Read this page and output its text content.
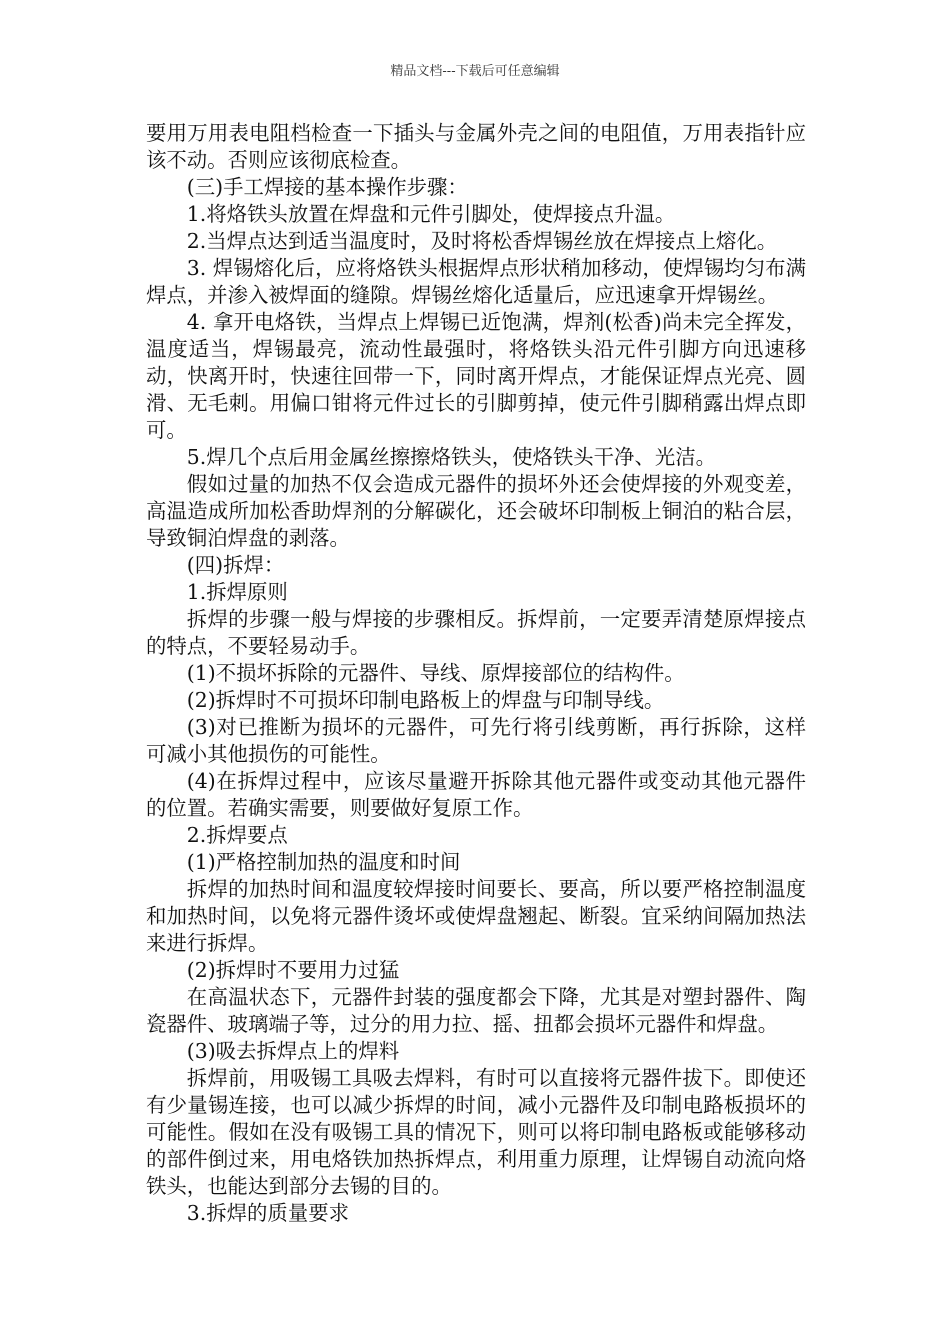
精品文档---下载后可任意编辑

要用万用表电阻档检查一下插头与金属外壳之间的电阻值，万用表指针应该不动。否则应该彻底检查。

(三)手工焊接的基本操作步骤：

1.将烙铁头放置在焊盘和元件引脚处，使焊接点升温。

2.当焊点达到适当温度时，及时将松香焊锡丝放在焊接点上熔化。

3. 焊锡熔化后，应将烙铁头根据焊点形状稍加移动，使焊锡均匀布满焊点，并渗入被焊面的缝隙。焊锡丝熔化适量后，应迅速拿开焊锡丝。

4. 拿开电烙铁，当焊点上焊锡已近饱满，焊剂(松香)尚未完全挥发，温度适当，焊锡最亮，流动性最强时，将烙铁头沿元件引脚方向迅速移动，快离开时，快速往回带一下，同时离开焊点，才能保证焊点光亮、圆滑、无毛刺。用偏口钳将元件过长的引脚剪掉，使元件引脚稍露出焊点即可。

5.焊几个点后用金属丝擦擦烙铁头，使烙铁头干净、光洁。

假如过量的加热不仅会造成元器件的损坏外还会使焊接的外观变差，高温造成所加松香助焊剂的分解碳化，还会破坏印制板上铜泊的粘合层，导致铜泊焊盘的剥落。

(四)拆焊：

1.拆焊原则

拆焊的步骤一般与焊接的步骤相反。拆焊前，一定要弄清楚原焊接点的特点，不要轻易动手。

(1)不损坏拆除的元器件、导线、原焊接部位的结构件。

(2)拆焊时不可损坏印制电路板上的焊盘与印制导线。

(3)对已推断为损坏的元器件，可先行将引线剪断，再行拆除，这样可减小其他损伤的可能性。

(4)在拆焊过程中，应该尽量避开拆除其他元器件或变动其他元器件的位置。若确实需要，则要做好复原工作。

2.拆焊要点

(1)严格控制加热的温度和时间

拆焊的加热时间和温度较焊接时间要长、要高，所以要严格控制温度和加热时间，以免将元器件烫坏或使焊盘翘起、断裂。宜采纳间隔加热法来进行拆焊。

(2)拆焊时不要用力过猛

在高温状态下，元器件封装的强度都会下降，尤其是对塑封器件、陶瓷器件、玻璃端子等，过分的用力拉、摇、扭都会损坏元器件和焊盘。

(3)吸去拆焊点上的焊料

拆焊前，用吸锡工具吸去焊料，有时可以直接将元器件拔下。即使还有少量锡连接，也可以减少拆焊的时间，减小元器件及印制电路板损坏的可能性。假如在没有吸锡工具的情况下，则可以将印制电路板或能够移动的部件倒过来，用电烙铁加热拆焊点，利用重力原理，让焊锡自动流向烙铁头，也能达到部分去锡的目的。

3.拆焊的质量要求
